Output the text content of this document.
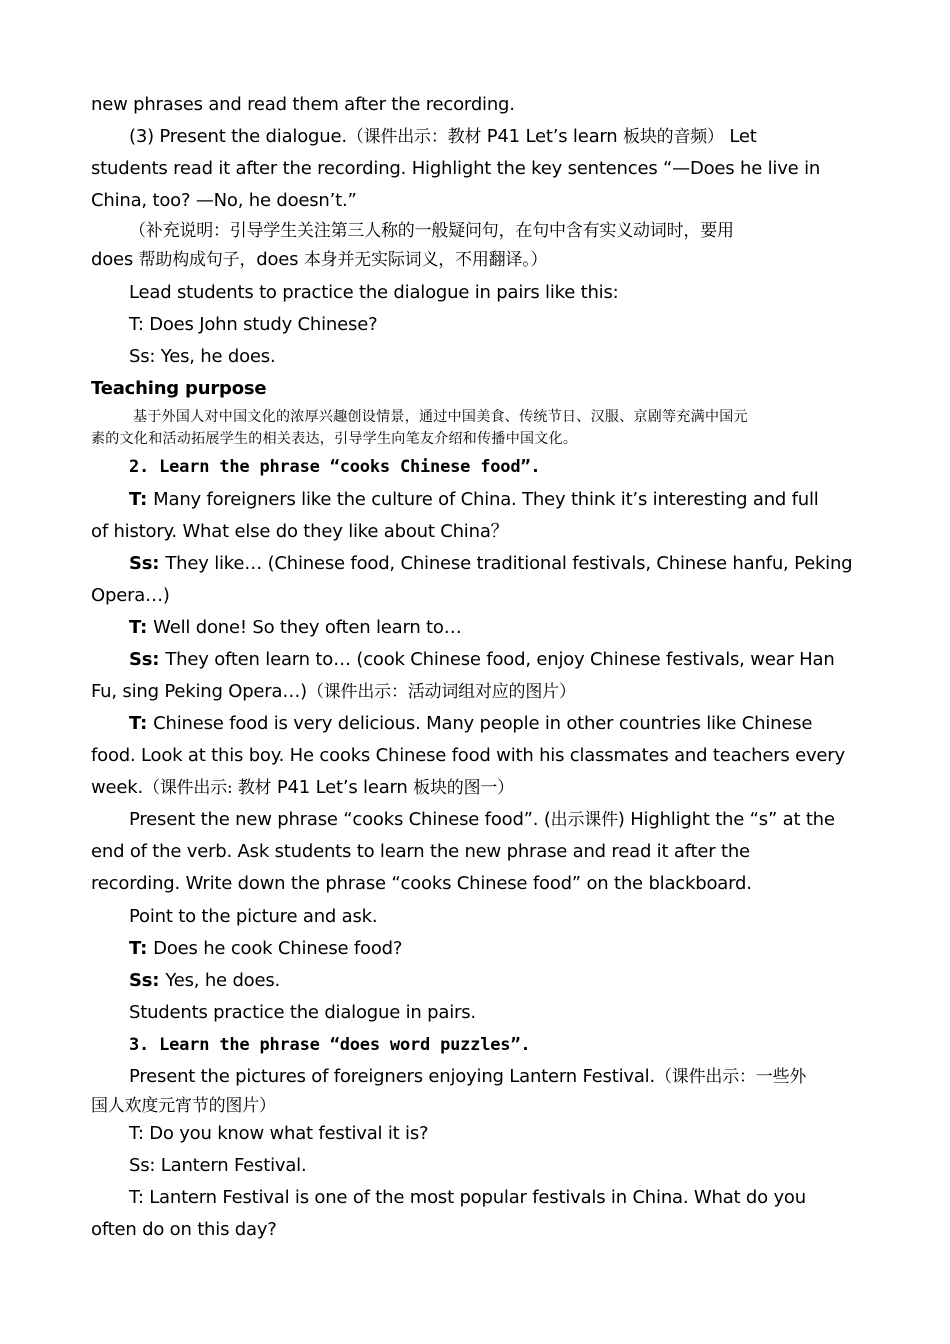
new phrases and read them after the recording.
(3) Present the dialogue.（课件出示：教材 P41 Let’s learn 板块的音频） Let
students read it after the recording. Highlight the key sentences “—Does he live in
China, too? —No, he doesn’t.”
（补充说明：引导学生关注第三人称的一般疑问句，在句中含有实义动词时，要用
does 帮助构成句子，does 本身并无实际词义，不用翻译。）
Lead students to practice the dialogue in pairs like this:
T: Does John study Chinese?
Ss: Yes, he does.
Teaching purpose
基于外国人对中国文化的浓厚兴趣创设情景，通过中国美食、传统节日、汉服、京剧等充满中国元
素的文化和活动拓展学生的相关表达，引导学生向笔友介绍和传播中国文化。
2. Learn the phrase “cooks Chinese food”.
T: Many foreigners like the culture of China. They think it’s interesting and full
of history. What else do they like about China？
Ss: They like… (Chinese food, Chinese traditional festivals, Chinese hanfu, Peking
Opera…)
T: Well done! So they often learn to…
Ss: They often learn to… (cook Chinese food, enjoy Chinese festivals, wear Han
Fu, sing Peking Opera…)（课件出示：活动词组对应的图片）
T: Chinese food is very delicious. Many people in other countries like Chinese
food. Look at this boy. He cooks Chinese food with his classmates and teachers every
week.（课件出示: 教材 P41 Let’s learn 板块的图一）
Present the new phrase “cooks Chinese food”. (出示课件) Highlight the “s” at the
end of the verb. Ask students to learn the new phrase and read it after the
recording. Write down the phrase “cooks Chinese food” on the blackboard.
Point to the picture and ask.
T: Does he cook Chinese food?
Ss: Yes, he does.
Students practice the dialogue in pairs.
3. Learn the phrase “does word puzzles”.
Present the pictures of foreigners enjoying Lantern Festival.（课件出示：一些外
国人欢度元宵节的图片）
T: Do you know what festival it is?
Ss: Lantern Festival.
T: Lantern Festival is one of the most popular festivals in China. What do you
often do on this day?
